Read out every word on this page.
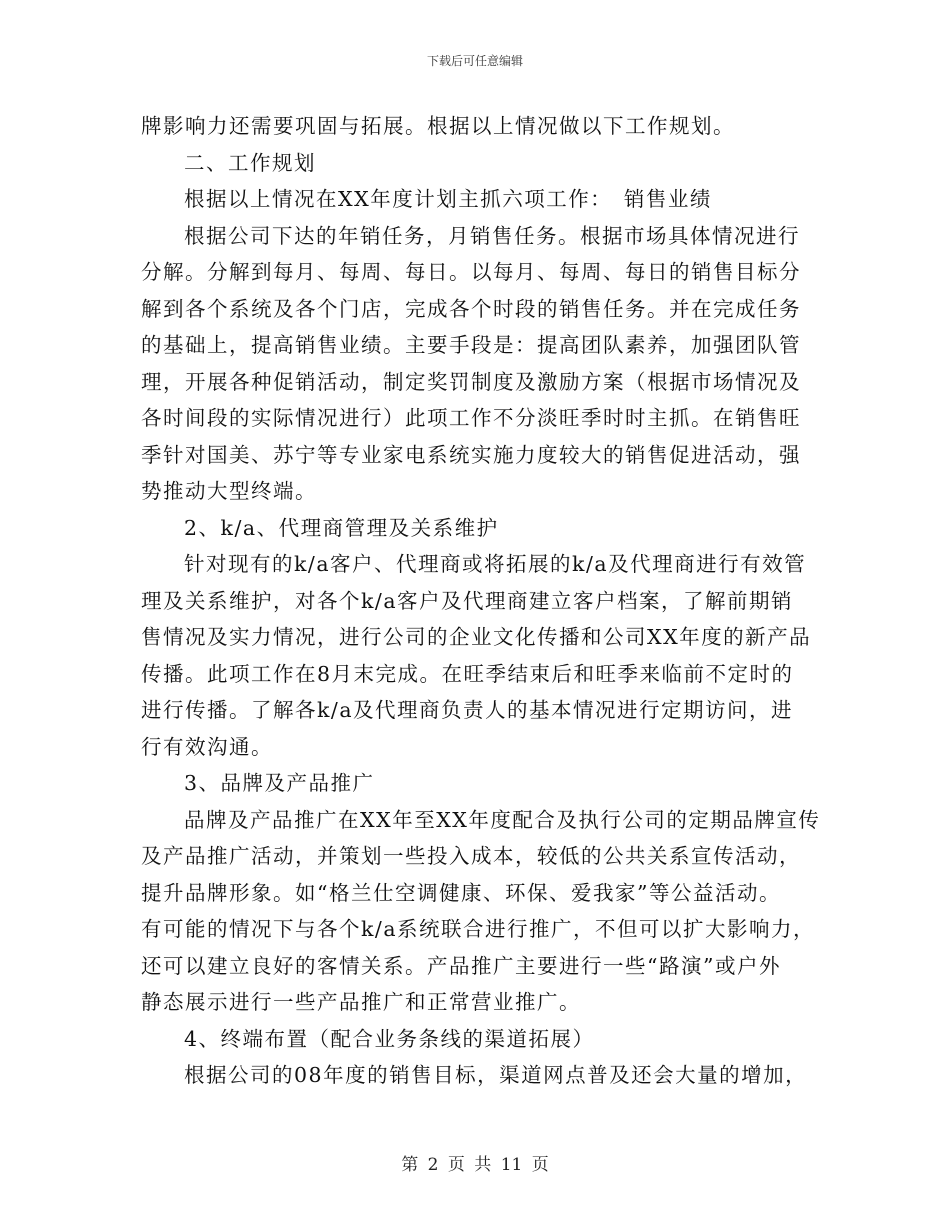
下载后可任意编辑
牌影响力还需要巩固与拓展。根据以上情况做以下工作规划。
二、工作规划
根据以上情况在XX年度计划主抓六项工作：　销售业绩
根据公司下达的年销任务，月销售任务。根据市场具体情况进行
分解。分解到每月、每周、每日。以每月、每周、每日的销售目标分
解到各个系统及各个门店，完成各个时段的销售任务。并在完成任务
的基础上，提高销售业绩。主要手段是：提高团队素养，加强团队管
理，开展各种促销活动，制定奖罚制度及激励方案（根据市场情况及
各时间段的实际情况进行）此项工作不分淡旺季时时主抓。在销售旺
季针对国美、苏宁等专业家电系统实施力度较大的销售促进活动，强
势推动大型终端。
2、k/a、代理商管理及关系维护
针对现有的k/a客户、代理商或将拓展的k/a及代理商进行有效管
理及关系维护，对各个k/a客户及代理商建立客户档案，了解前期销
售情况及实力情况，进行公司的企业文化传播和公司XX年度的新产品
传播。此项工作在8月末完成。在旺季结束后和旺季来临前不定时的
进行传播。了解各k/a及代理商负责人的基本情况进行定期访问，进
行有效沟通。
3、品牌及产品推广
品牌及产品推广在XX年至XX年度配合及执行公司的定期品牌宣传
及产品推广活动，并策划一些投入成本，较低的公共关系宣传活动，
提升品牌形象。如“格兰仕空调健康、环保、爱我家”等公益活动。
有可能的情况下与各个k/a系统联合进行推广，不但可以扩大影响力，
还可以建立良好的客情关系。产品推广主要进行一些“路演”或户外
静态展示进行一些产品推广和正常营业推广。
4、终端布置（配合业务条线的渠道拓展）
根据公司的08年度的销售目标，渠道网点普及还会大量的增加，
第 2 页 共 11 页
